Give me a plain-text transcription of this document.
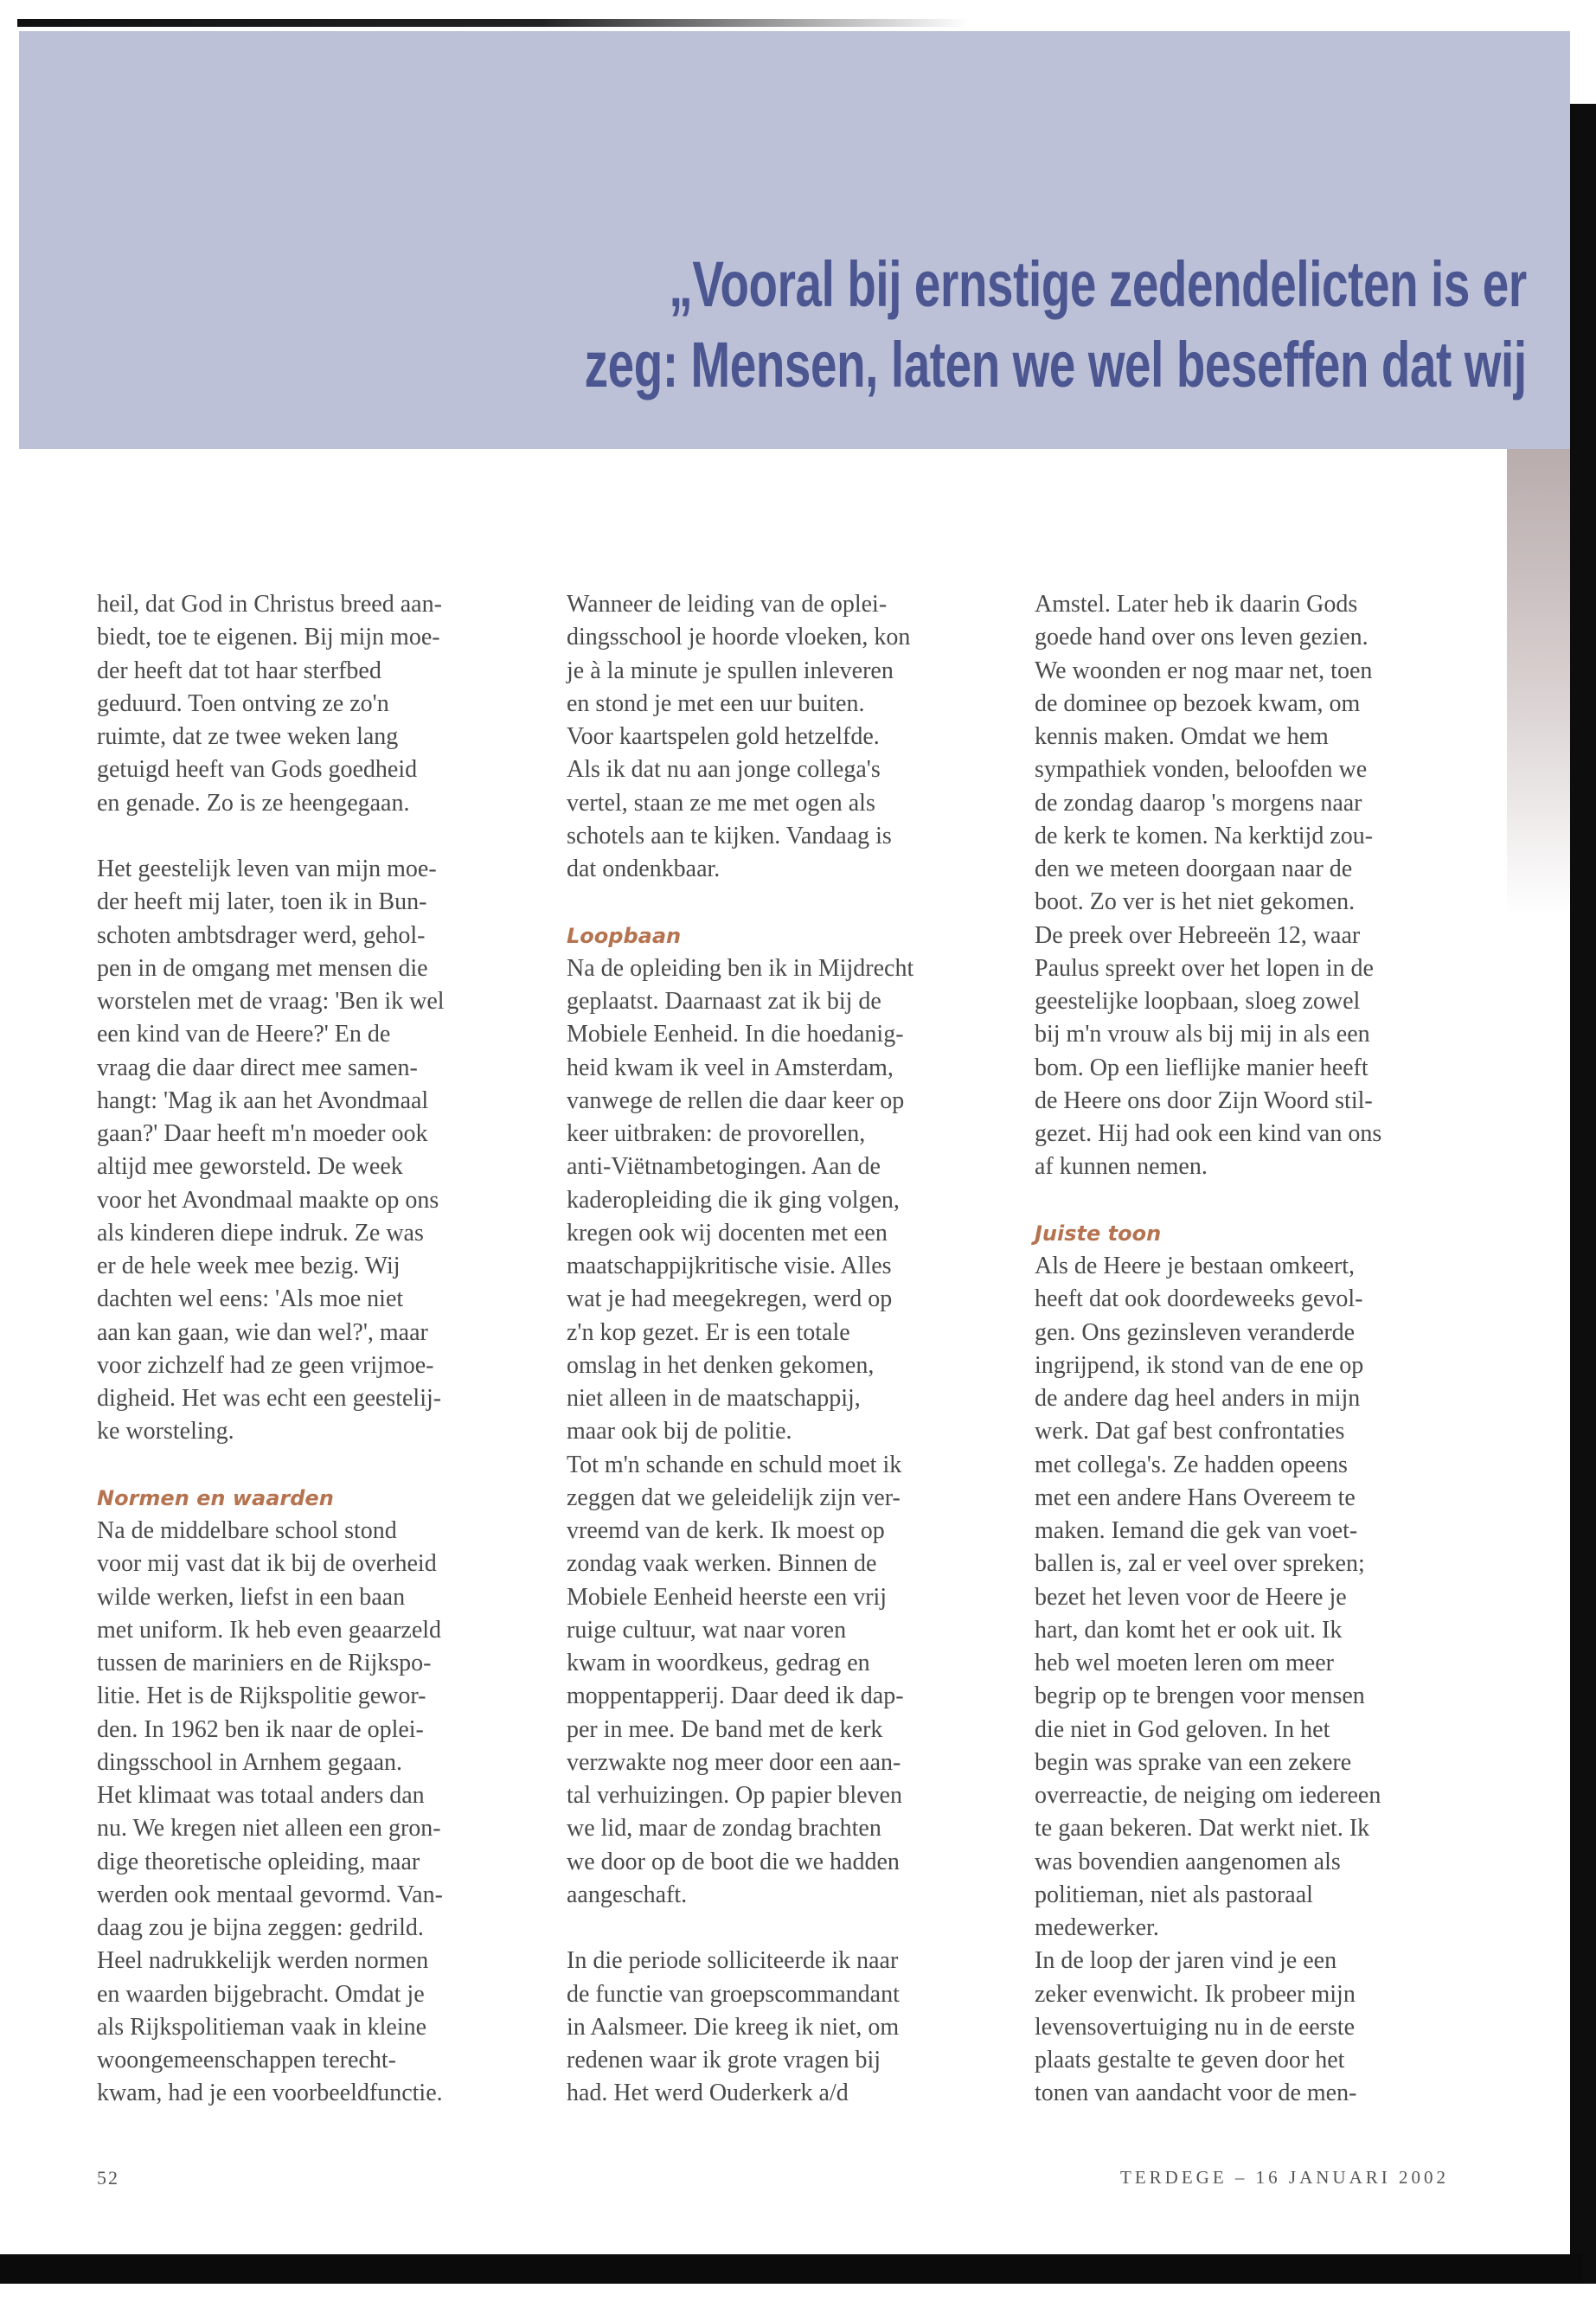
„Vooral bij ernstige zedendelicten is er
zeg: Mensen, laten we wel beseffen dat wij
heil, dat God in Christus breed aan-
biedt, toe te eigenen. Bij mijn moe-
der heeft dat tot haar sterfbed
geduurd. Toen ontving ze zo'n
ruimte, dat ze twee weken lang
getuigd heeft van Gods goedheid
en genade. Zo is ze heengegaan.
Het geestelijk leven van mijn moe-
der heeft mij later, toen ik in Bun-
schoten ambtsdrager werd, gehol-
pen in de omgang met mensen die
worstelen met de vraag: 'Ben ik wel
een kind van de Heere?' En de
vraag die daar direct mee samen-
hangt: 'Mag ik aan het Avondmaal
gaan?' Daar heeft m'n moeder ook
altijd mee geworsteld. De week
voor het Avondmaal maakte op ons
als kinderen diepe indruk. Ze was
er de hele week mee bezig. Wij
dachten wel eens: 'Als moe niet
aan kan gaan, wie dan wel?', maar
voor zichzelf had ze geen vrijmoe-
digheid. Het was echt een geestelij-
ke worsteling.
Normen en waarden
Na de middelbare school stond
voor mij vast dat ik bij de overheid
wilde werken, liefst in een baan
met uniform. Ik heb even geaarzeld
tussen de mariniers en de Rijkspo-
litie. Het is de Rijkspolitie gewor-
den. In 1962 ben ik naar de oplei-
dingsschool in Arnhem gegaan.
Het klimaat was totaal anders dan
nu. We kregen niet alleen een gron-
dige theoretische opleiding, maar
werden ook mentaal gevormd. Van-
daag zou je bijna zeggen: gedrild.
Heel nadrukkelijk werden normen
en waarden bijgebracht. Omdat je
als Rijkspolitieman vaak in kleine
woongemeenschappen terecht-
kwam, had je een voorbeeldfunctie.
Wanneer de leiding van de oplei-
dingsschool je hoorde vloeken, kon
je à la minute je spullen inleveren
en stond je met een uur buiten.
Voor kaartspelen gold hetzelfde.
Als ik dat nu aan jonge collega's
vertel, staan ze me met ogen als
schotels aan te kijken. Vandaag is
dat ondenkbaar.
Loopbaan
Na de opleiding ben ik in Mijdrecht
geplaatst. Daarnaast zat ik bij de
Mobiele Eenheid. In die hoedanig-
heid kwam ik veel in Amsterdam,
vanwege de rellen die daar keer op
keer uitbraken: de provorellen,
anti-Viëtnambetogingen. Aan de
kaderopleiding die ik ging volgen,
kregen ook wij docenten met een
maatschappijkritische visie. Alles
wat je had meegekregen, werd op
z'n kop gezet. Er is een totale
omslag in het denken gekomen,
niet alleen in de maatschappij,
maar ook bij de politie.
Tot m'n schande en schuld moet ik
zeggen dat we geleidelijk zijn ver-
vreemd van de kerk. Ik moest op
zondag vaak werken. Binnen de
Mobiele Eenheid heerste een vrij
ruige cultuur, wat naar voren
kwam in woordkeus, gedrag en
moppentapperij. Daar deed ik dap-
per in mee. De band met de kerk
verzwakte nog meer door een aan-
tal verhuizingen. Op papier bleven
we lid, maar de zondag brachten
we door op de boot die we hadden
aangeschaft.
In die periode solliciteerde ik naar
de functie van groepscommandant
in Aalsmeer. Die kreeg ik niet, om
redenen waar ik grote vragen bij
had. Het werd Ouderkerk a/d
Amstel. Later heb ik daarin Gods
goede hand over ons leven gezien.
We woonden er nog maar net, toen
de dominee op bezoek kwam, om
kennis maken. Omdat we hem
sympathiek vonden, beloofden we
de zondag daarop 's morgens naar
de kerk te komen. Na kerktijd zou-
den we meteen doorgaan naar de
boot. Zo ver is het niet gekomen.
De preek over Hebreeën 12, waar
Paulus spreekt over het lopen in de
geestelijke loopbaan, sloeg zowel
bij m'n vrouw als bij mij in als een
bom. Op een lieflijke manier heeft
de Heere ons door Zijn Woord stil-
gezet. Hij had ook een kind van ons
af kunnen nemen.
Juiste toon
Als de Heere je bestaan omkeert,
heeft dat ook doordeweeks gevol-
gen. Ons gezinsleven veranderde
ingrijpend, ik stond van de ene op
de andere dag heel anders in mijn
werk. Dat gaf best confrontaties
met collega's. Ze hadden opeens
met een andere Hans Overeem te
maken. Iemand die gek van voet-
ballen is, zal er veel over spreken;
bezet het leven voor de Heere je
hart, dan komt het er ook uit. Ik
heb wel moeten leren om meer
begrip op te brengen voor mensen
die niet in God geloven. In het
begin was sprake van een zekere
overreactie, de neiging om iedereen
te gaan bekeren. Dat werkt niet. Ik
was bovendien aangenomen als
politieman, niet als pastoraal
medewerker.
In de loop der jaren vind je een
zeker evenwicht. Ik probeer mijn
levensovertuiging nu in de eerste
plaats gestalte te geven door het
tonen van aandacht voor de men-
52	TERDEGE – 16 JANUARI 2002
